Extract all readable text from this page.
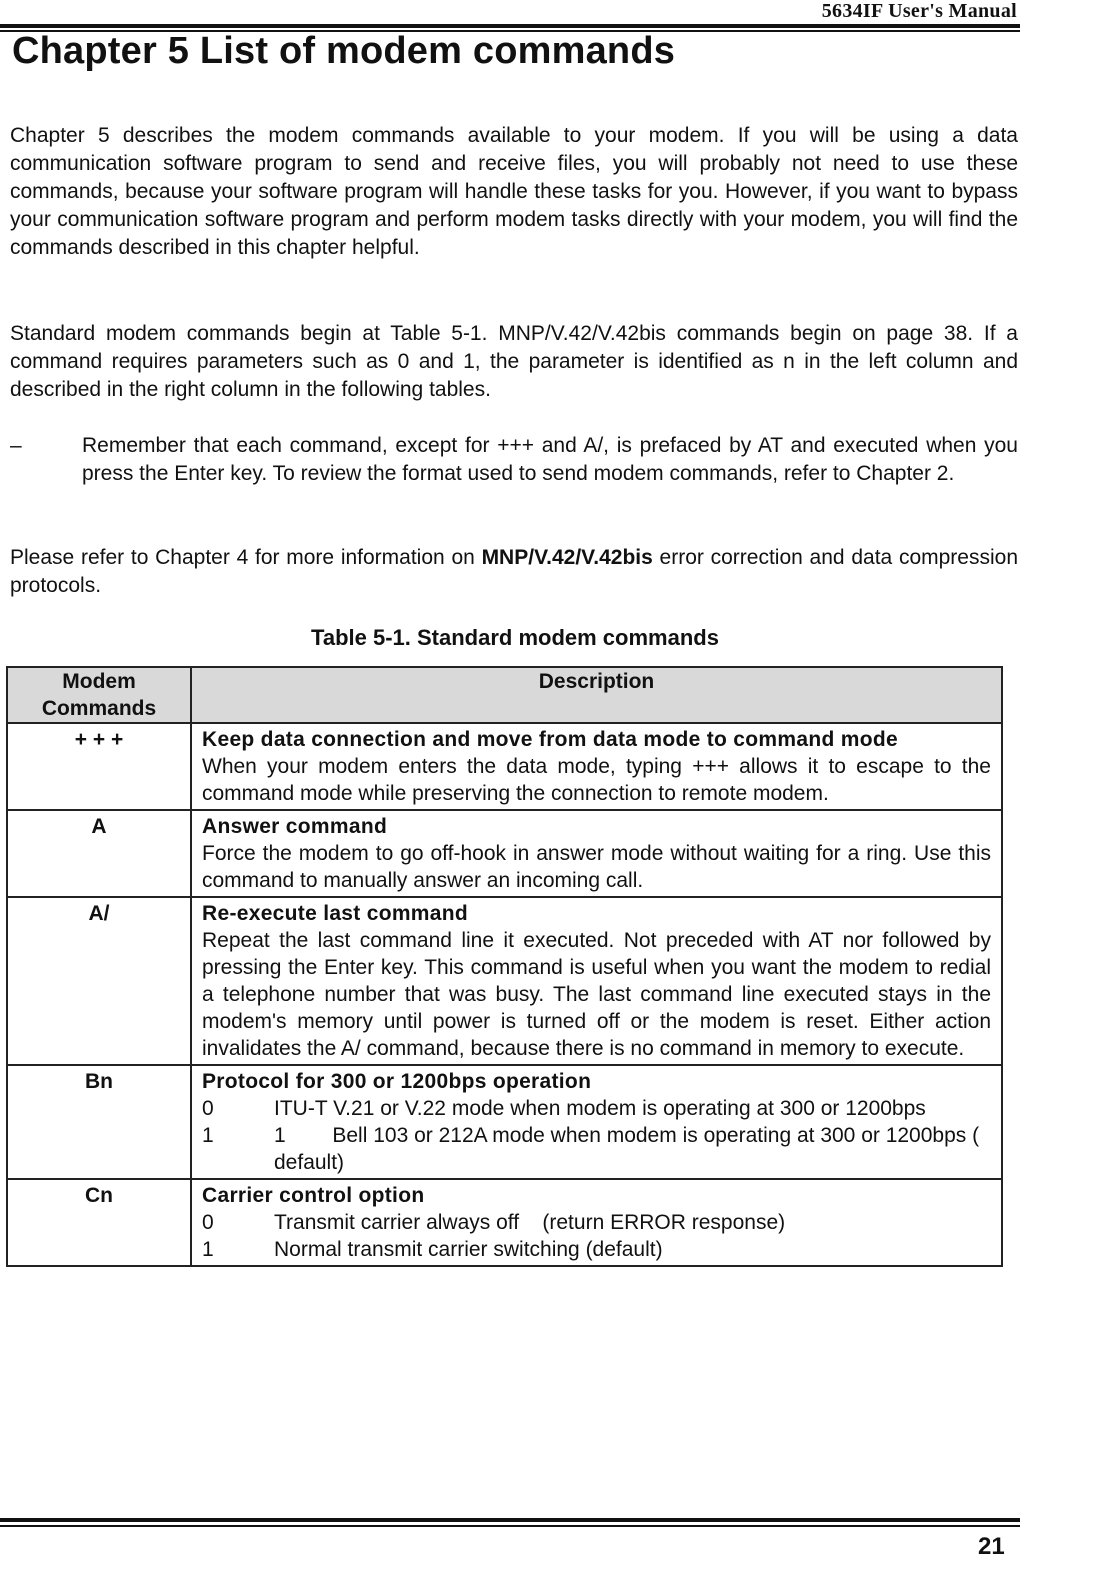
5634IF User's Manual
Chapter 5 List of modem commands

Chapter 5 describes the modem commands available to your modem. If you will be using a data communication software program to send and receive files, you will probably not need to use these commands, because your software program will handle these tasks for you. However, if you want to bypass your communication software program and perform modem tasks directly with your modem, you will find the commands described in this chapter helpful.

Standard modem commands begin at Table 5-1. MNP/V.42/V.42bis commands begin on page 38. If a command requires parameters such as 0 and 1, the parameter is identified as n in the left column and described in the right column in the following tables.

–	Remember that each command, except for +++ and A/, is prefaced by AT and executed when you press the Enter key. To review the format used to send modem commands, refer to Chapter 2.

Please refer to Chapter 4 for more information on MNP/V.42/V.42bis error correction and data compression protocols.

Table 5-1. Standard modem commands
Modem
Commands	Description
+ + +	Keep data connection and move from data mode to command mode
When your modem enters the data mode, typing +++ allows it to escape to the command mode while preserving the connection to remote modem.

A	Answer command
Force the modem to go off-hook in answer mode without waiting for a ring. Use this command to manually answer an incoming call.

A/	Re-execute last command
Repeat the last command line it executed. Not preceded with AT nor followed by pressing the Enter key. This command is useful when you want the modem to redial a telephone number that was busy. The last command line executed stays in the modem's memory until power is turned off or the modem is reset. Either action invalidates the A/ command, because there is no command in memory to execute.

Bn	Protocol for 300 or 1200bps operation
0 ITU-T V.21 or V.22 mode when modem is operating at 300 or 1200bps
1 1        Bell 103 or 212A mode when modem is operating at 300 or 1200bps ( default)

Cn	Carrier control option
0 Transmit carrier always off    (return ERROR response)
1 Normal transmit carrier switching (default)
21
